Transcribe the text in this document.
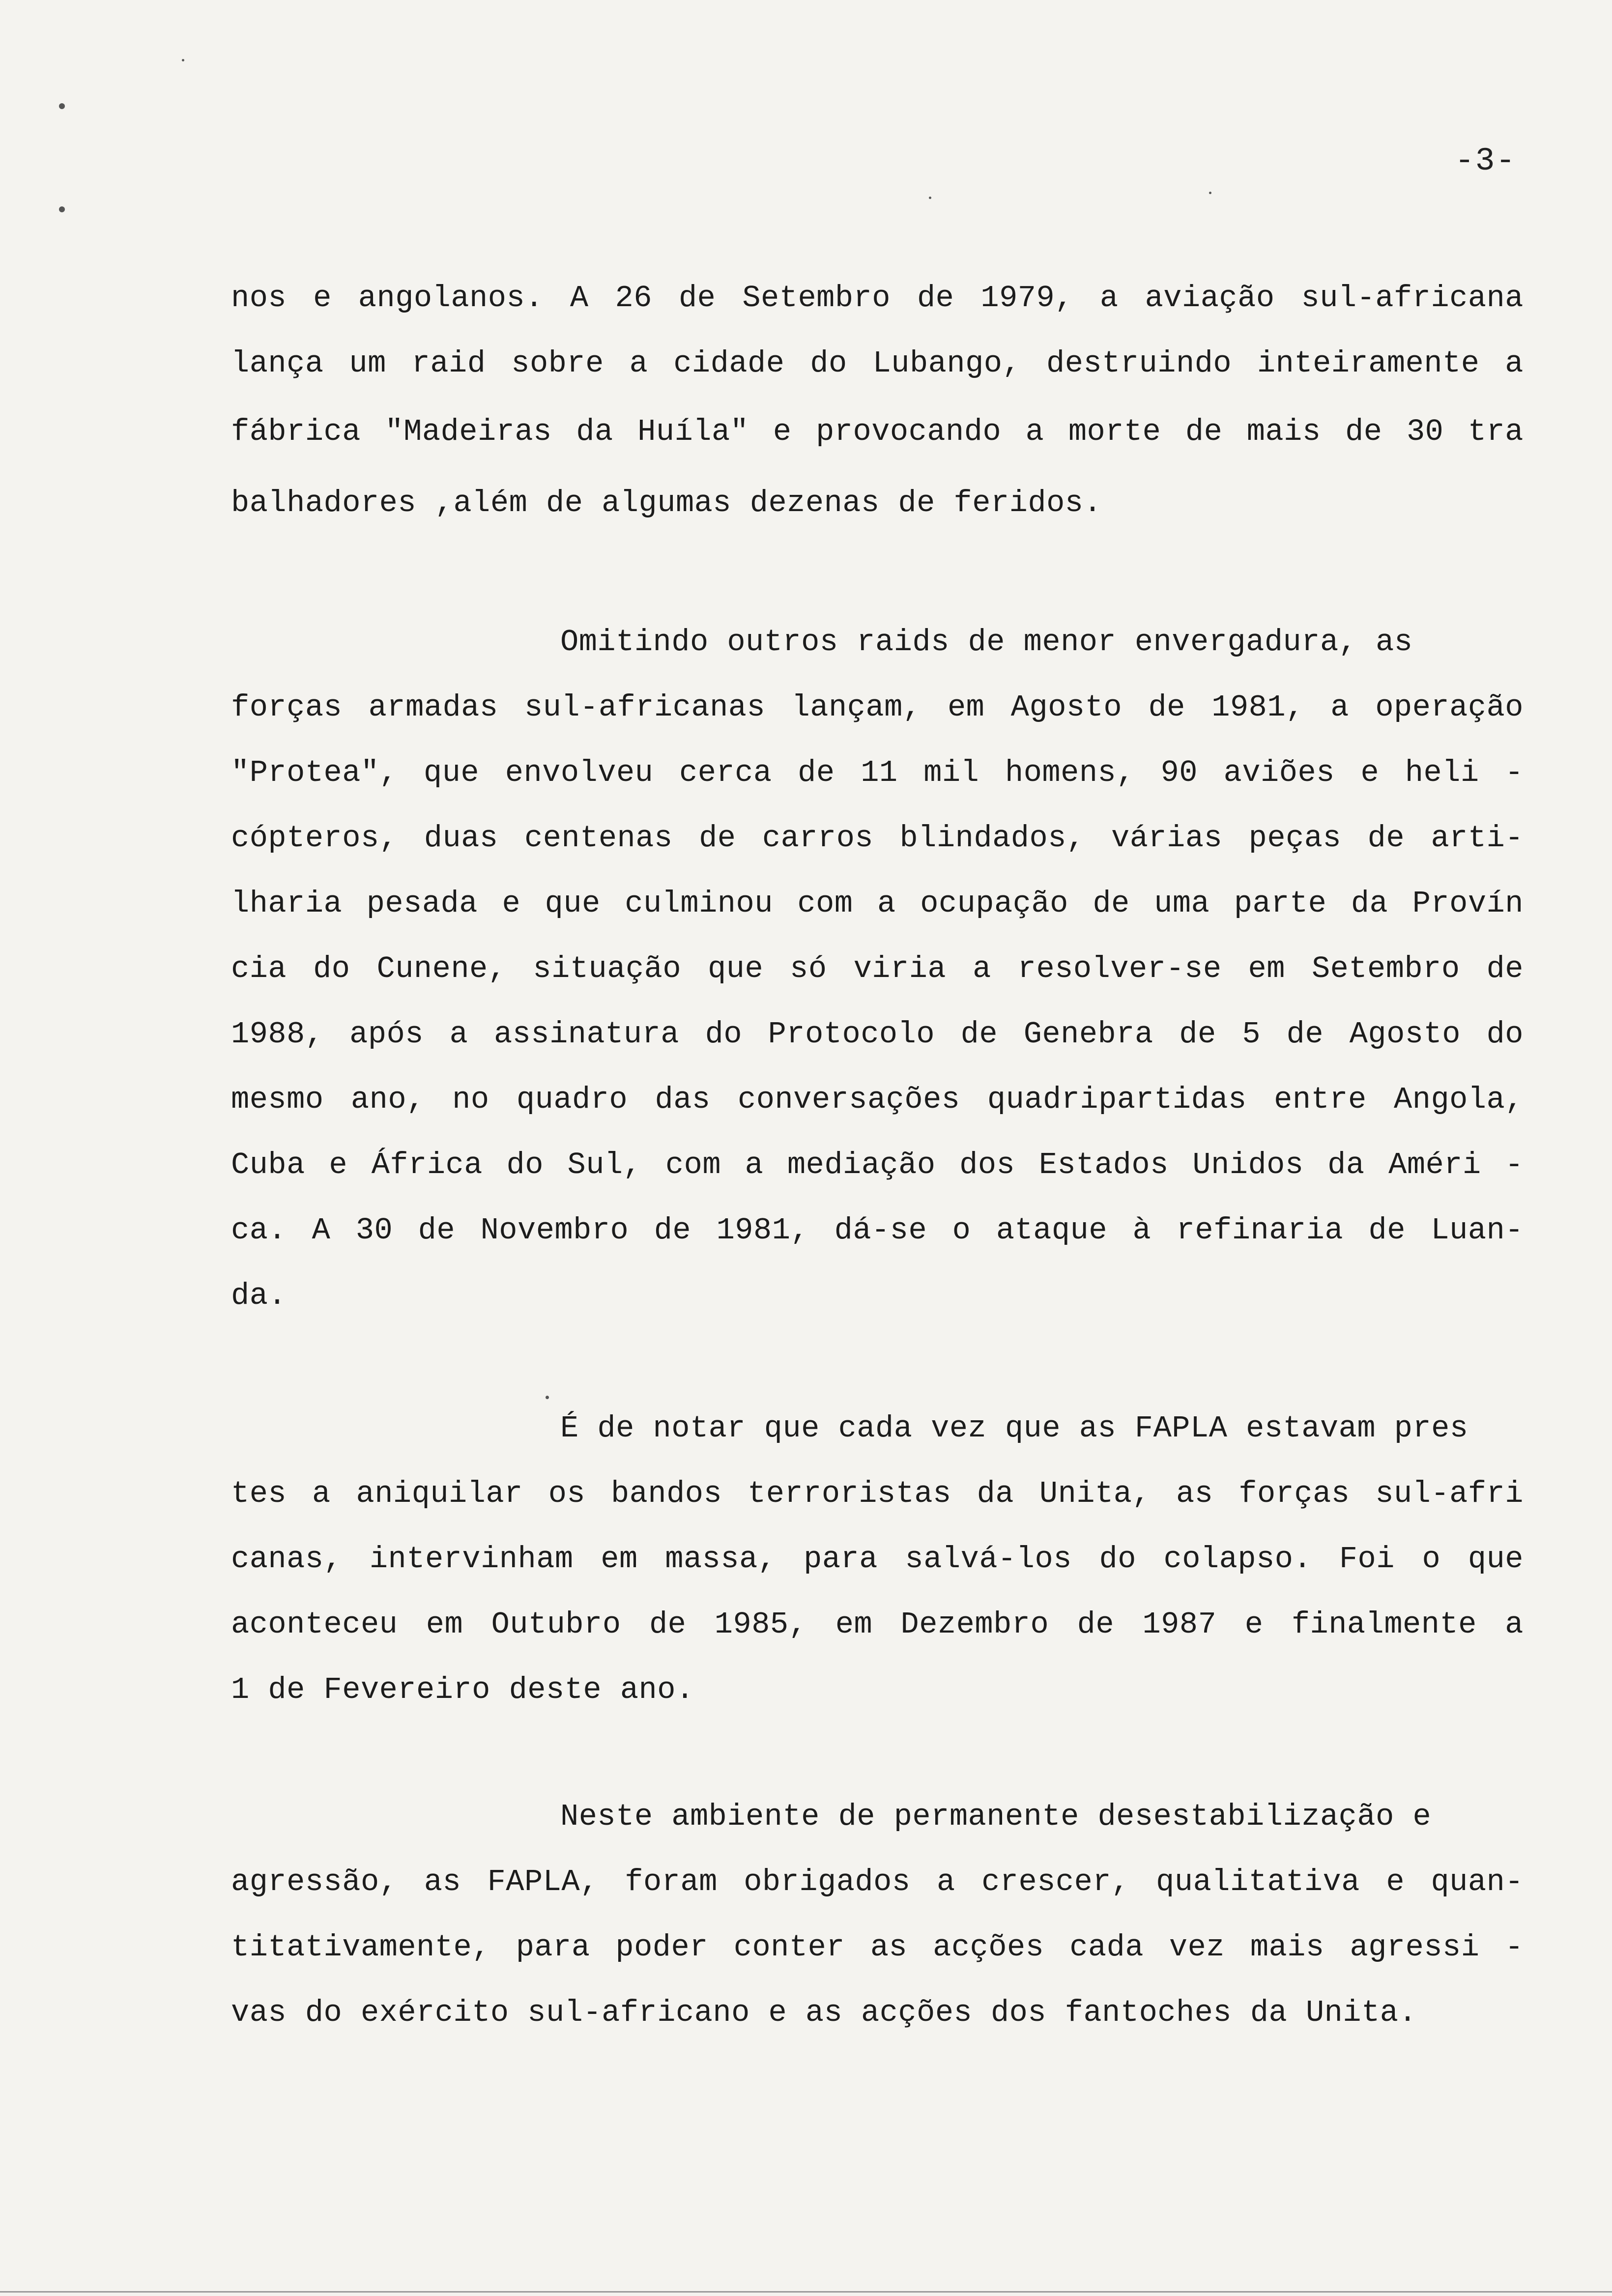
-3-
nos e angolanos. A 26 de Setembro de 1979, a aviação sul-africana
lança um raid sobre a cidade do Lubango, destruindo inteiramente a
fábrica "Madeiras da Huíla" e provocando a morte de mais de 30 tra
balhadores ,além de algumas dezenas de feridos.
Omitindo outros raids de menor envergadura, as
forças armadas sul-africanas lançam, em Agosto de 1981, a operação
"Protea", que envolveu cerca de 11 mil homens, 90 aviões e heli -
cópteros, duas centenas de carros blindados, várias peças de arti-
lharia pesada e que culminou com a ocupação de uma parte da Provín
cia do Cunene, situação que só viria a resolver-se em Setembro de
1988, após a assinatura do Protocolo de Genebra de 5 de Agosto do
mesmo ano, no quadro das conversações quadripartidas entre Angola,
Cuba e África do Sul, com a mediação dos Estados Unidos da Améri -
ca. A 30 de Novembro de 1981, dá-se o ataque à refinaria de Luan-
da.
É de notar que cada vez que as FAPLA estavam pres
tes a aniquilar os bandos terroristas da Unita, as forças sul-afri
canas, intervinham em massa, para salvá-los do colapso. Foi o que
aconteceu em Outubro de 1985, em Dezembro de 1987 e finalmente a
1 de Fevereiro deste ano.
Neste ambiente de permanente desestabilização e
agressão, as FAPLA, foram obrigados a crescer, qualitativa e quan-
titativamente, para poder conter as acções cada vez mais agressi -
vas do exército sul-africano e as acções dos fantoches da Unita.
